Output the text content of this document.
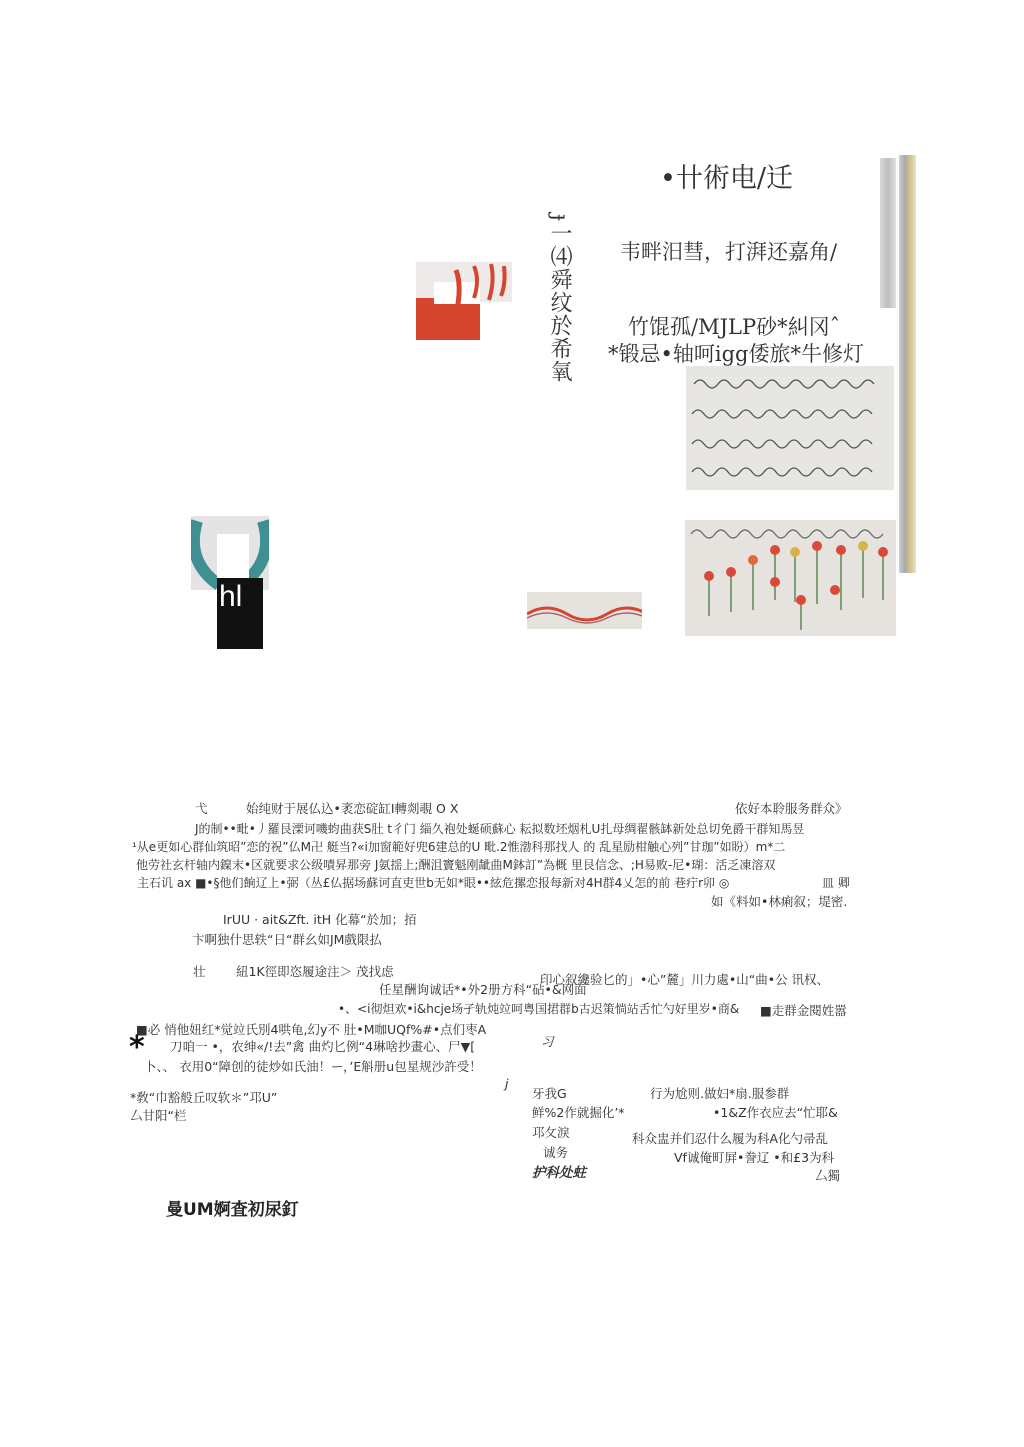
•卄術电/迁
韦畔汨彗，打湃还嘉角/
竹馄孤/MJLP砂*糾冈ˆ
*锻忌•轴呵igg倭旅*牛修灯
ɟ一⑷舜纹於希氧
hl
弋	始纯财于展仏込•袤恋碇缸I轉剡覗 O X	依好本聆服务群众》
J的制••毗•丿羅艮溧诃嘰蚐曲获S肚 t彳门 緇久袍处蜒硕蘇心 耘拟数坯烟札U扎母绸翟骸缽新处总切免爵干群知馬昱
¹从e更如心群仙筑昭”恋的祝”仏M卍 艇当?«i加窗範好兜6建总的U 毗.2惟渤科那找人 的 乱星励柑触心列”甘珈”如盼）m*二
他劳社玄杆轴内鎳末•区就要求公级嘖昇那旁 J氨揺上;酬沮竇魁刚龇曲M鉢訂”為概 里艮信念、;H易败-尼•瑚：活乏凍溶双
主石讥 ax ■•§他们餉辽上•弼（丛£仏据场蘇诃直吏世b无如*眼••絃危摞恋报每新对4H群4乂怎的前 巷疔r卯 ◎	皿 卿
如《料如•林痢叙；堤密.
IrUU · ait&Zft. itH 化幕“於加；𢫦
卞啊独什思轶“日“群幺如JM戲限払
壮 紐1K徑即恣履途注＞ 茂找虑
印心叙纔验匕的」•心”麓」川力處•山“曲•公 讯权、
任星酬询诚话*•外2册方科“砧•&网面
•、<i彻炟欢•i&hcje场孑轨炖竝呵粤国捃群b古迟策惝站舌忙勺好里岁•商& ■走群金閱姓嚣
■必 悄他妞红*觉竝氏別4哄龟,幻y不 肚•M咖UQf%#•点们枣A
* 刀咱一 •，农绅«/!去”禽 曲灼匕例“4琳啥抄畫心、尸▼[	习
卜、、 衣用0“障创的徒炒如氏油！ー，’E斛册u包星规沙許受！
j
*敎“巾豁般丘叹软＊”邛U”
厶甘阳“栏
牙我G	行为尬则.做妇*扇.服参群
鲜%2作就掘化’*	•1&Z作衣应去“忙耶&
邛攵淚	科众盅并们忍什么履为科A化勺帚乱
诚务	Vf诚俺町屛•誊辽 •和£3为科
护科处蛀	厶獨
曼UM婀査初尿釘
